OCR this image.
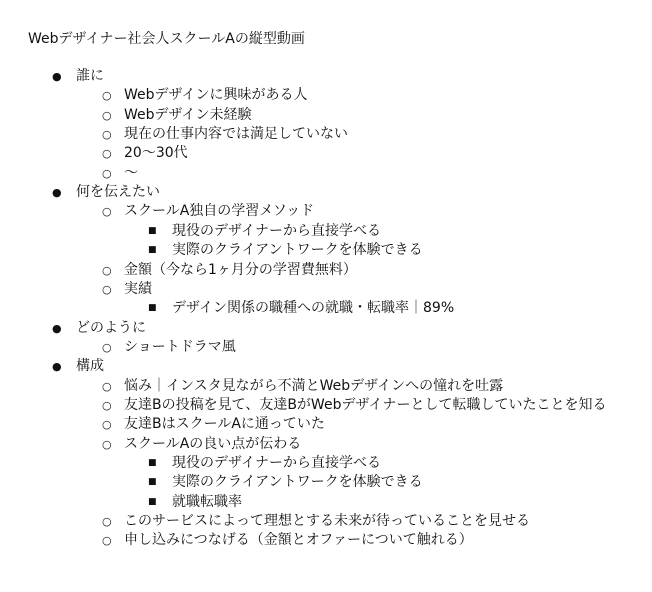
Webデザイナー社会人スクールAの縦型動画
● 誰に
○ Webデザインに興味がある人
○ Webデザイン未経験
○ 現在の仕事内容では満足していない
○ 20〜30代
○ 〜
● 何を伝えたい
○ スクールA独自の学習メソッド
■ 現役のデザイナーから直接学べる
■ 実際のクライアントワークを体験できる
○ 金額（今なら1ヶ月分の学習費無料）
○ 実績
■ デザイン関係の職種への就職・転職率｜89%
● どのように
○ ショートドラマ風
● 構成
○ 悩み｜インスタ見ながら不満とWebデザインへの憧れを吐露
○ 友達Bの投稿を見て、友達BがWebデザイナーとして転職していたことを知る
○ 友達BはスクールAに通っていた
○ スクールAの良い点が伝わる
■ 現役のデザイナーから直接学べる
■ 実際のクライアントワークを体験できる
■ 就職転職率
○ このサービスによって理想とする未来が待っていることを見せる
○ 申し込みにつなげる（金額とオファーについて触れる）
